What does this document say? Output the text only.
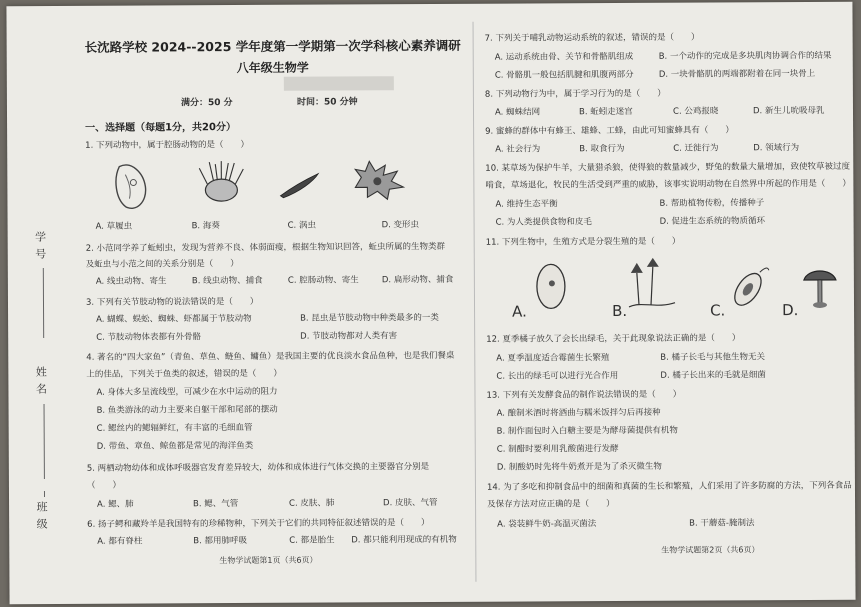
学号
姓名
班级
长沈路学校 2024--2025 学年度第一学期第一次学科核心素养调研
八年级生物学
满分：50 分	时间：50 分钟
一、选择题（每题1分，共20分）
1. 下列动物中，属于腔肠动物的是（　　）
A. 草履虫	B. 海葵	C. 涡虫	D. 变形虫
2. 小范同学养了蚯蚓虫，发现为营养不良、体弱面瘦，根据生物知识回答，蚯虫所属的生物类群
及蚯虫与小范之间的关系分别是（　　）
A. 线虫动物、寄生	B. 线虫动物、捕食	C. 腔肠动物、寄生	D. 扁形动物、捕食
3. 下列有关节肢动物的说法错误的是（　　）
A. 蝴蝶、蜈蚣、蜘蛛、虾都属于节肢动物	B. 昆虫是节肢动物中种类最多的一类
C. 节肢动物体表都有外骨骼	D. 节肢动物都对人类有害
4. 著名的“四大家鱼”（青鱼、草鱼、鲢鱼、鳙鱼）是我国主要的优良淡水食品鱼种，也是我们餐桌
上的佳品，下列关于鱼类的叙述，错误的是（　　）
A. 身体大多呈流线型，可减少在水中运动的阻力
B. 鱼类游泳的动力主要来自躯干部和尾部的摆动
C. 鳃丝内的鳃辐鲜红，有丰富的毛细血管
D. 带鱼、章鱼、鲸鱼都是常见的海洋鱼类
5. 两栖动物幼体和成体呼吸器官发育差异较大，幼体和成体进行气体交换的主要器官分别是
（　　）
A. 鳃、肺	B. 鳃、气管	C. 皮肤、肺	D. 皮肤、气管
6. 扬子鳄和藏羚羊是我国特有的珍稀物种，下列关于它们的共同特征叙述错误的是（　　）
A. 都有脊柱	B. 都用肺呼吸	C. 都是胎生 D. 都只能利用现成的有机物
生物学试题第1页（共6页）
7. 下列关于哺乳动物运动系统的叙述，错误的是（　　）
A. 运动系统由骨、关节和骨骼肌组成	B. 一个动作的完成是多块肌肉协调合作的结果
C. 骨骼肌一般包括肌腱和肌腹两部分	D. 一块骨骼肌的两端都附着在同一块骨上
8. 下列动物行为中，属于学习行为的是（　　）
A. 蜘蛛结网	B. 蚯蚓走迷宫	C. 公鸡报晓	D. 新生儿吮吸母乳
9. 蜜蜂的群体中有蜂王、雄蜂、工蜂，由此可知蜜蜂具有（　　）
A. 社会行为	B. 取食行为	C. 迁徙行为	D. 领域行为
10. 某草场为保护牛羊，大量猎杀狼，使得狼的数量减少，野兔的数量大量增加，致使牧草被过度
啃食，草场退化，牧民的生活受到严重的威胁，该事实说明动物在自然界中所起的作用是（　　）
A. 维持生态平衡	B. 帮助植物传粉，传播种子
C. 为人类提供食物和皮毛	D. 促进生态系统的物质循环
11. 下列生物中，生殖方式是分裂生殖的是（　　）
A.	B.	C.	D.
12. 夏季橘子放久了会长出绿毛，关于此现象说法正确的是（　　）
A. 夏季温度适合霉菌生长繁殖	B. 橘子长毛与其他生物无关
C. 长出的绿毛可以进行光合作用	D. 橘子长出来的毛就是细菌
13. 下列有关发酵食品的制作说法错误的是（　　）
A. 酿制米酒时将酒曲与糯米饭拌匀后再接种
B. 制作面包时入白糖主要是为酵母菌提供有机物
C. 制醋时要利用乳酸菌进行发酵
D. 制酸奶时先将牛奶煮开是为了杀灭微生物
14. 为了多吃和抑制食品中的细菌和真菌的生长和繁殖，人们采用了许多防腐的方法，下列各食品
及保存方法对应正确的是（　　）
A. 袋装鲜牛奶-高温灭菌法	B. 干蘑菇-腌制法
生物学试题第2页（共6页）
